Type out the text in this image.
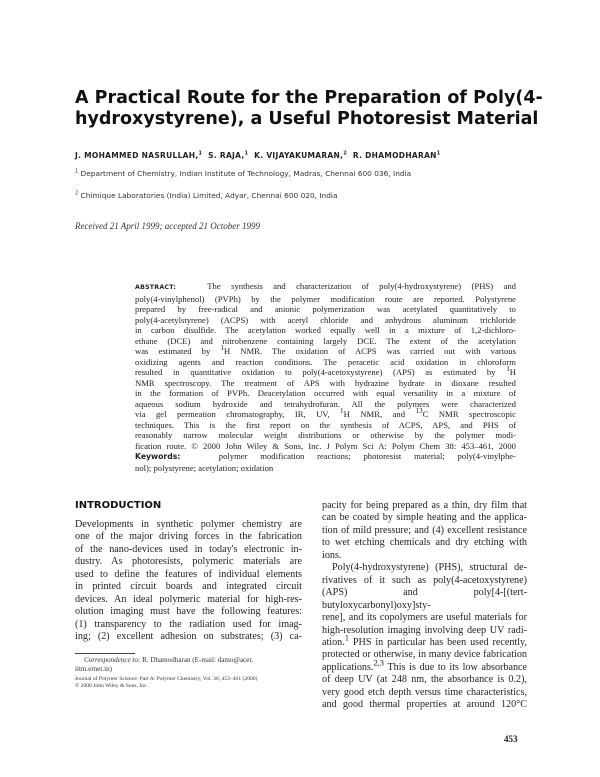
A Practical Route for the Preparation of Poly(4-
hydroxystyrene), a Useful Photoresist Material
J. MOHAMMED NASRULLAH,$^1$ S. RAJA,$^1$ K. VIJAYAKUMARAN,$^2$ R. DHAMODHARAN$^1$
$^1$ Department of Chemistry, Indian Institute of Technology, Madras, Chennai 600 036, India
$^2$ Chimique Laboratories (India) Limited, Adyar, Chennai 600 020, India
Received 21 April 1999; accepted 21 October 1999
ABSTRACT:	The synthesis and characterization of poly(4-hydroxystyrene) (PHS) and
poly(4-vinylphenol) (PVPh) by the polymer modification route are reported. Polystyrene
prepared by free-radical and anionic polymerization was acetylated quantitatively to
poly(4-acetylstyrene) (ACPS) with acetyl chloride and anhydrous aluminum trichloride
in carbon disulfide. The acetylation worked equally well in a mixture of 1,2-dichloro-
ethane (DCE) and nitrobenzene containing largely DCE. The extent of the acetylation
was estimated by $^1$H NMR. The oxidation of ACPS was carried out with various
oxidizing agents and reaction conditions. The peracetic acid oxidation in chloroform
resulted in quantitative oxidation to poly(4-acetoxystyrene) (APS) as estimated by $^1$H
NMR spectroscopy. The treatment of APS with hydrazine hydrate in dioxane resulted
in the formation of PVPh. Deacetylation occurred with equal versatility in a mixture of
aqueous sodium hydroxide and tetrahydrofuran. All the polymers were characterized
via gel permeation chromatography, IR, UV, $^1$H NMR, and $^{13}$C NMR spectroscopic
techniques. This is the first report on the synthesis of ACPS, APS, and PHS of
reasonably narrow molecular weight distributions or otherwise by the polymer modi-
fication route. © 2000 John Wiley & Sons, Inc. J Polym Sci A: Polym Chem 38: 453–461, 2000
Keywords:	polymer modification reactions; photoresist material; poly(4-vinylphe-
nol); polystyrene; acetylation; oxidation
INTRODUCTION
Developments in synthetic polymer chemistry are
one of the major driving forces in the fabrication
of the nano-devices used in today's electronic in-
dustry. As photoresists, polymeric materials are
used to define the features of individual elements
in printed circuit boards and integrated circuit
devices. An ideal polymeric material for high-res-
olution imaging must have the following features:
(1) transparency to the radiation used for imag-
ing; (2) excellent adhesion on substrates; (3) ca-
pacity for being prepared as a thin, dry film that
can be coated by simple heating and the applica-
tion of mild pressure; and (4) excellent resistance
to wet etching chemicals and dry etching with
ions.
Poly(4-hydroxystyrene) (PHS), structural de-
rivatives of it such as poly(4-acetoxystyrene)
(APS) and poly[4-[(tert-butyloxycarbonyl)oxy]sty-
rene], and its copolymers are useful materials for
high-resolution imaging involving deep UV radi-
ation.$^1$ PHS in particular has been used recently,
protected or otherwise, in many device fabrication
applications.$^{2,3}$ This is due to its low absorbance
of deep UV (at 248 nm, the absorbance is 0.2),
very good etch depth versus time characteristics,
and good thermal properties at around 120°C
Correspondence to: R. Dhamodharan (E-mail: damo@acer.
iitm.ernet.in)
Journal of Polymer Science: Part A: Polymer Chemistry, Vol. 38, 453–461 (2000)
© 2000 John Wiley & Sons, Inc.
453
